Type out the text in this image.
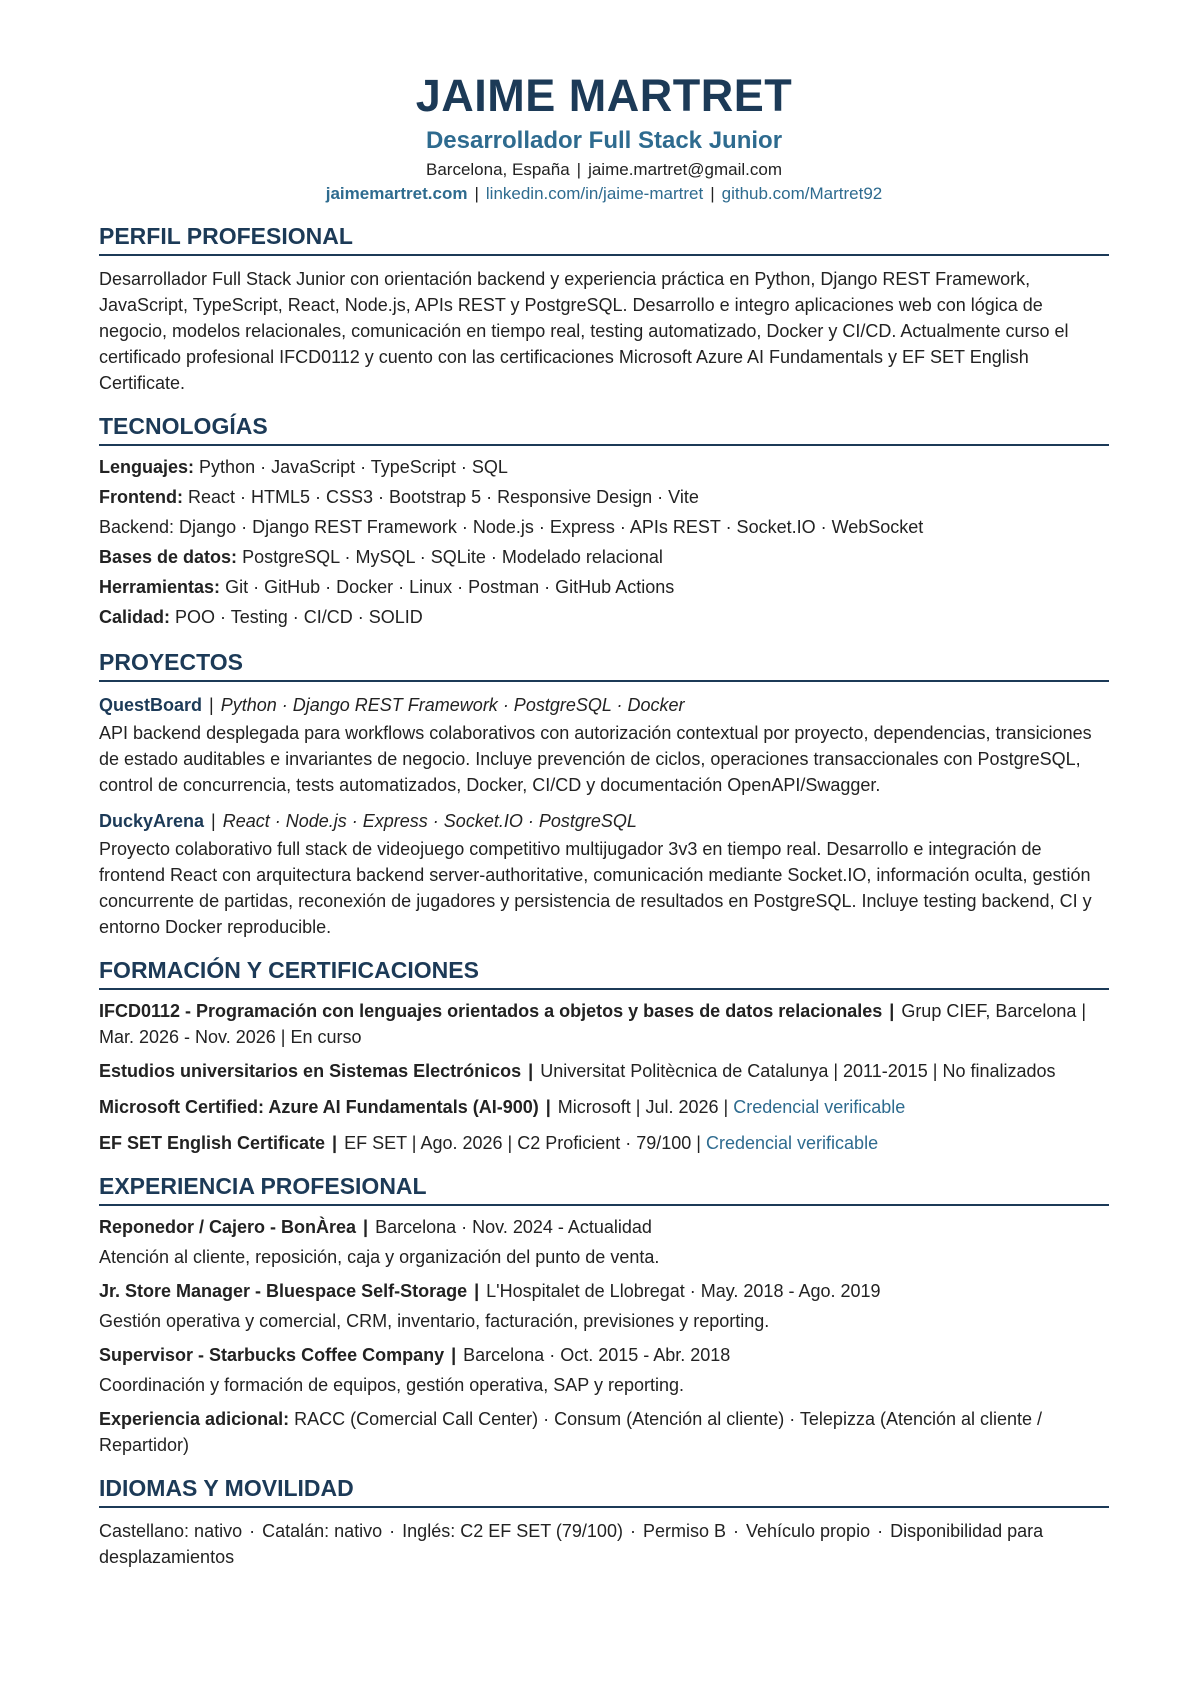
JAIME MARTRET
Desarrollador Full Stack Junior
Barcelona, España | jaime.martret@gmail.com
jaimemartret.com | linkedin.com/in/jaime-martret | github.com/Martret92
PERFIL PROFESIONAL
Desarrollador Full Stack Junior con orientación backend y experiencia práctica en Python, Django REST Framework, JavaScript, TypeScript, React, Node.js, APIs REST y PostgreSQL. Desarrollo e integro aplicaciones web con lógica de negocio, modelos relacionales, comunicación en tiempo real, testing automatizado, Docker y CI/CD. Actualmente curso el certificado profesional IFCD0112 y cuento con las certificaciones Microsoft Azure AI Fundamentals y EF SET English Certificate.
TECNOLOGÍAS
Lenguajes: Python · JavaScript · TypeScript · SQL
Frontend: React · HTML5 · CSS3 · Bootstrap 5 · Responsive Design · Vite
Backend: Django · Django REST Framework · Node.js · Express · APIs REST · Socket.IO · WebSocket
Bases de datos: PostgreSQL · MySQL · SQLite · Modelado relacional
Herramientas: Git · GitHub · Docker · Linux · Postman · GitHub Actions
Calidad: POO · Testing · CI/CD · SOLID
PROYECTOS
QuestBoard | Python · Django REST Framework · PostgreSQL · Docker
API backend desplegada para workflows colaborativos con autorización contextual por proyecto, dependencias, transiciones de estado auditables e invariantes de negocio. Incluye prevención de ciclos, operaciones transaccionales con PostgreSQL, control de concurrencia, tests automatizados, Docker, CI/CD y documentación OpenAPI/Swagger.
DuckyArena | React · Node.js · Express · Socket.IO · PostgreSQL
Proyecto colaborativo full stack de videojuego competitivo multijugador 3v3 en tiempo real. Desarrollo e integración de frontend React con arquitectura backend server-authoritative, comunicación mediante Socket.IO, información oculta, gestión concurrente de partidas, reconexión de jugadores y persistencia de resultados en PostgreSQL. Incluye testing backend, CI y entorno Docker reproducible.
FORMACIÓN Y CERTIFICACIONES
IFCD0112 - Programación con lenguajes orientados a objetos y bases de datos relacionales | Grup CIEF, Barcelona | Mar. 2026 - Nov. 2026 | En curso
Estudios universitarios en Sistemas Electrónicos | Universitat Politècnica de Catalunya | 2011-2015 | No finalizados
Microsoft Certified: Azure AI Fundamentals (AI-900) | Microsoft | Jul. 2026 | Credencial verificable
EF SET English Certificate | EF SET | Ago. 2026 | C2 Proficient · 79/100 | Credencial verificable
EXPERIENCIA PROFESIONAL
Reponedor / Cajero - BonÀrea | Barcelona · Nov. 2024 - Actualidad
Atención al cliente, reposición, caja y organización del punto de venta.
Jr. Store Manager - Bluespace Self-Storage | L'Hospitalet de Llobregat · May. 2018 - Ago. 2019
Gestión operativa y comercial, CRM, inventario, facturación, previsiones y reporting.
Supervisor - Starbucks Coffee Company | Barcelona · Oct. 2015 - Abr. 2018
Coordinación y formación de equipos, gestión operativa, SAP y reporting.
Experiencia adicional: RACC (Comercial Call Center) · Consum (Atención al cliente) · Telepizza (Atención al cliente / Repartidor)
IDIOMAS Y MOVILIDAD
Castellano: nativo · Catalán: nativo · Inglés: C2 EF SET (79/100) · Permiso B · Vehículo propio · Disponibilidad para desplazamientos
